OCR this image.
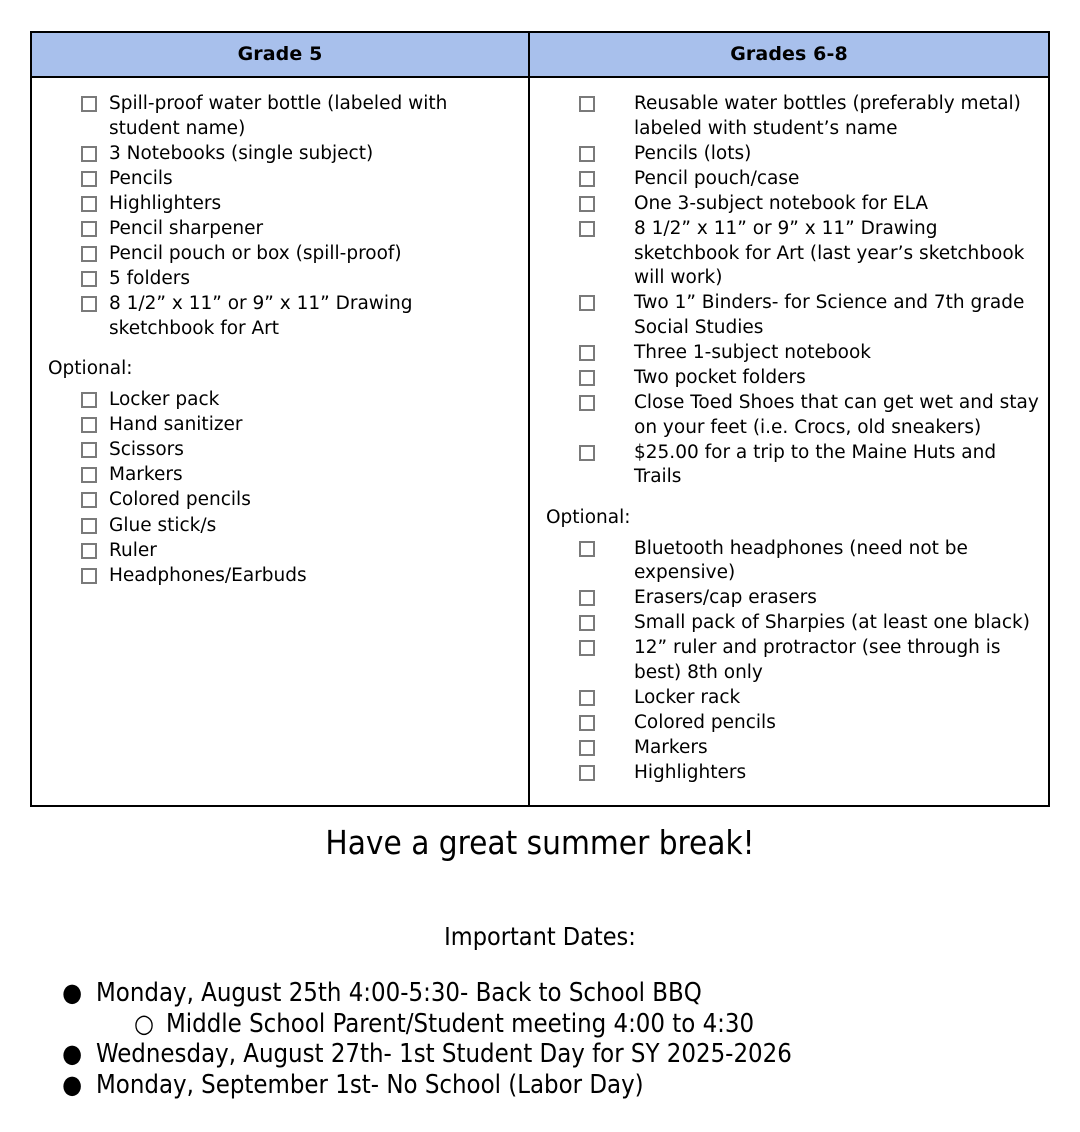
Grade 5	Grades 6-8

Spill-proof water bottle (labeled with student name)
3 Notebooks (single subject)
Pencils
Highlighters
Pencil sharpener
Pencil pouch or box (spill-proof)
5 folders
8 1/2” x 11” or 9” x 11” Drawing sketchbook for Art
Optional:
Locker pack
Hand sanitizer
Scissors
Markers
Colored pencils
Glue stick/s
Ruler
Headphones/Earbuds

Reusable water bottles (preferably metal) labeled with student’s name
Pencils (lots)
Pencil pouch/case
One 3-subject notebook for ELA
8 1/2” x 11” or 9” x 11” Drawing sketchbook for Art (last year’s sketchbook will work)
Two 1” Binders- for Science and 7th grade Social Studies
Three 1-subject notebook
Two pocket folders
Close Toed Shoes that can get wet and stay on your feet (i.e. Crocs, old sneakers)
$25.00 for a trip to the Maine Huts and Trails
Optional:
Bluetooth headphones (need not be expensive)
Erasers/cap erasers
Small pack of Sharpies (at least one black)
12” ruler and protractor (see through is best) 8th only
Locker rack
Colored pencils
Markers
Highlighters
Have a great summer break!
Important Dates:
● Monday, August 25th 4:00-5:30- Back to School BBQ
○ Middle School Parent/Student meeting 4:00 to 4:30
● Wednesday, August 27th- 1st Student Day for SY 2025-2026
● Monday, September 1st- No School (Labor Day)
